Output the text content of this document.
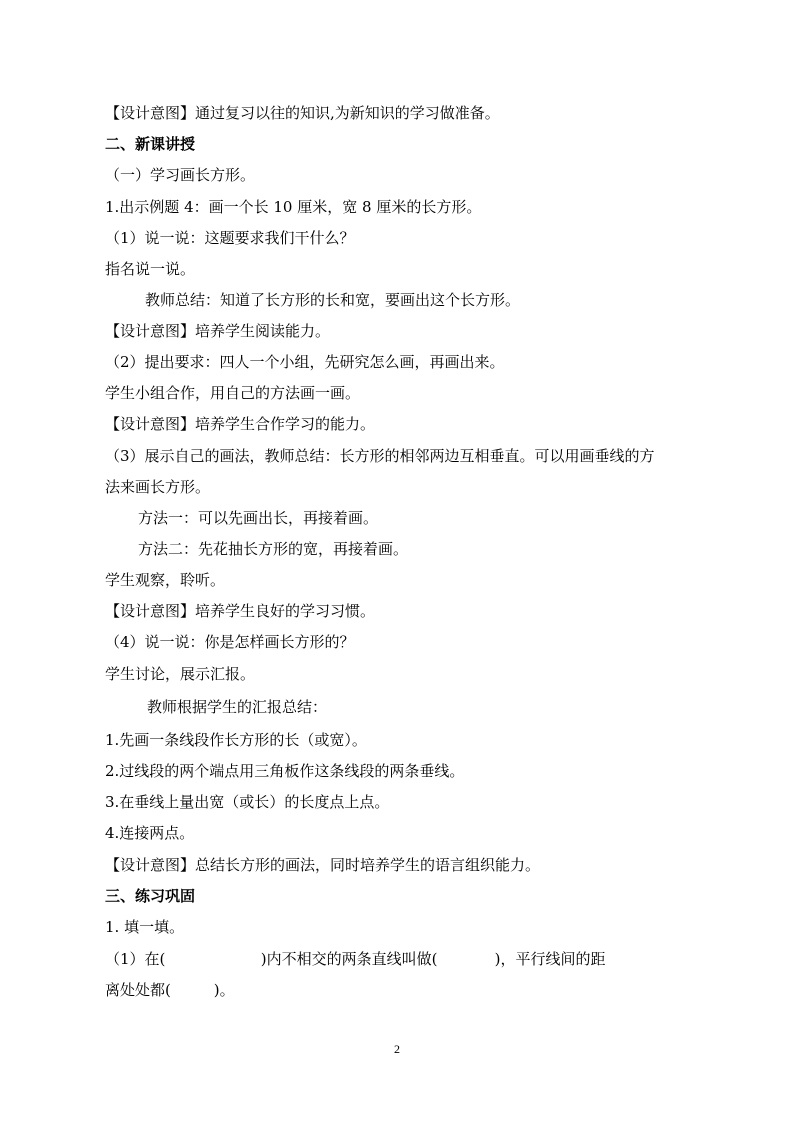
【设计意图】通过复习以往的知识,为新知识的学习做准备。
二、新课讲授
（一）学习画长方形。
1.出示例题 4：画一个长 10 厘米，宽 8 厘米的长方形。
（1）说一说：这题要求我们干什么？
指名说一说。
教师总结：知道了长方形的长和宽，要画出这个长方形。
【设计意图】培养学生阅读能力。
（2）提出要求：四人一个小组，先研究怎么画，再画出来。
学生小组合作，用自己的方法画一画。
【设计意图】培养学生合作学习的能力。
（3）展示自己的画法，教师总结：长方形的相邻两边互相垂直。可以用画垂线的方
法来画长方形。
方法一：可以先画出长，再接着画。
方法二：先花抽长方形的宽，再接着画。
学生观察，聆听。
【设计意图】培养学生良好的学习习惯。
（4）说一说：你是怎样画长方形的？
学生讨论，展示汇报。
教师根据学生的汇报总结：
1.先画一条线段作长方形的长（或宽）。
2.过线段的两个端点用三角板作这条线段的两条垂线。
3.在垂线上量出宽（或长）的长度点上点。
4.连接两点。
【设计意图】总结长方形的画法，同时培养学生的语言组织能力。
三、练习巩固
1. 填一填。
（1）在(                    )内不相交的两条直线叫做(            )，平行线间的距
离处处都(         )。
2
